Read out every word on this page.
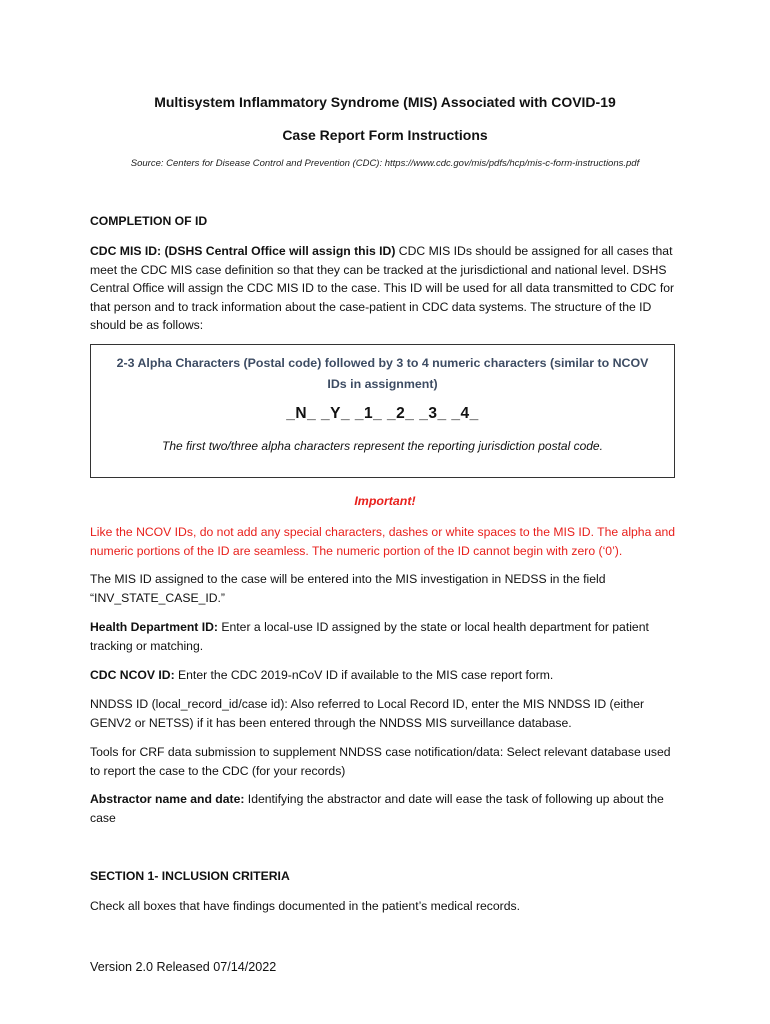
Multisystem Inflammatory Syndrome (MIS) Associated with COVID-19
Case Report Form Instructions
Source: Centers for Disease Control and Prevention (CDC): https://www.cdc.gov/mis/pdfs/hcp/mis-c-form-instructions.pdf
COMPLETION OF ID
CDC MIS ID: (DSHS Central Office will assign this ID) CDC MIS IDs should be assigned for all cases that meet the CDC MIS case definition so that they can be tracked at the jurisdictional and national level. DSHS Central Office will assign the CDC MIS ID to the case. This ID will be used for all data transmitted to CDC for that person and to track information about the case-patient in CDC data systems. The structure of the ID should be as follows:
2-3 Alpha Characters (Postal code) followed by 3 to 4 numeric characters (similar to NCOV IDs in assignment)
_N_ _Y_ _1_ _2_ _3_ _4_
The first two/three alpha characters represent the reporting jurisdiction postal code.
Important!
Like the NCOV IDs, do not add any special characters, dashes or white spaces to the MIS ID. The alpha and numeric portions of the ID are seamless. The numeric portion of the ID cannot begin with zero (‘0’).
The MIS ID assigned to the case will be entered into the MIS investigation in NEDSS in the field “INV_STATE_CASE_ID.”
Health Department ID: Enter a local-use ID assigned by the state or local health department for patient tracking or matching.
CDC NCOV ID: Enter the CDC 2019-nCoV ID if available to the MIS case report form.
NNDSS ID (local_record_id/case id): Also referred to Local Record ID, enter the MIS NNDSS ID (either GENV2 or NETSS) if it has been entered through the NNDSS MIS surveillance database.
Tools for CRF data submission to supplement NNDSS case notification/data: Select relevant database used to report the case to the CDC (for your records)
Abstractor name and date: Identifying the abstractor and date will ease the task of following up about the case
SECTION 1- INCLUSION CRITERIA
Check all boxes that have findings documented in the patient’s medical records.
Version 2.0 Released 07/14/2022
